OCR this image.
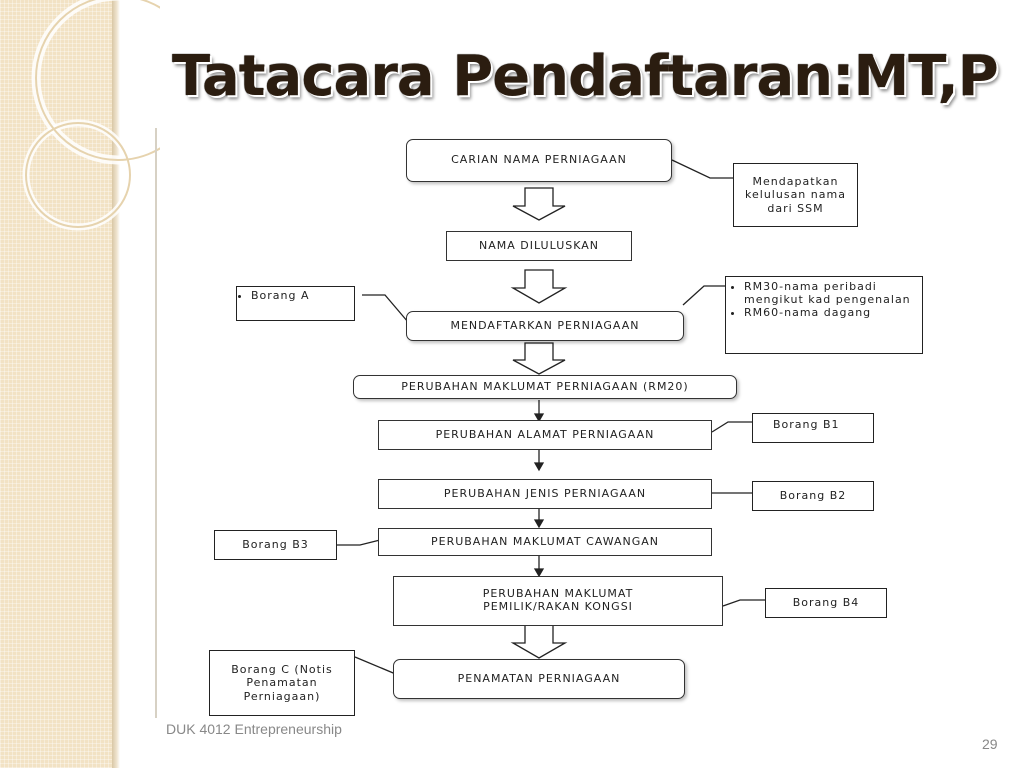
Tatacara Pendaftaran:MT,P
CARIAN NAMA PERNIAGAAN
NAMA DILULUSKAN
MENDAFTARKAN PERNIAGAAN
PERUBAHAN MAKLUMAT PERNIAGAAN (RM20)
PERUBAHAN ALAMAT PERNIAGAAN
PERUBAHAN JENIS PERNIAGAAN
PERUBAHAN MAKLUMAT CAWANGAN
PERUBAHAN MAKLUMAT PEMILIK/RAKAN KONGSI
PENAMATAN PERNIAGAAN
Mendapatkan kelulusan nama dari SSM
• Borang A
• RM30-nama peribadi mengikut kad pengenalan
• RM60-nama dagang
Borang B1
Borang B2
Borang B3
Borang B4
Borang C (Notis Penamatan Perniagaan)
DUK 4012 Entrepreneurship
29
